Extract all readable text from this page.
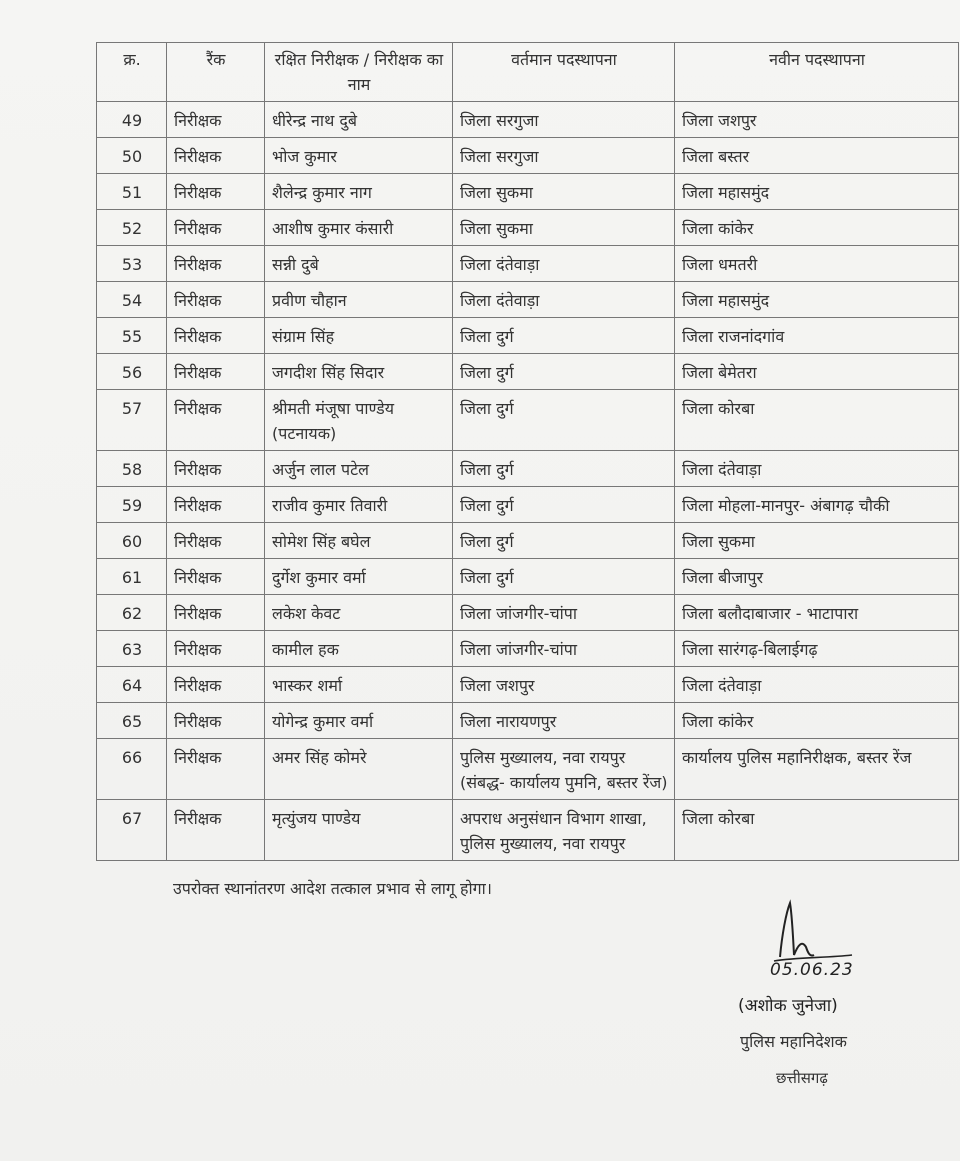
क्र.	रैंक	रक्षित निरीक्षक / निरीक्षक का नाम	वर्तमान पदस्थापना	नवीन पदस्थापना
49	निरीक्षक	धीरेन्द्र नाथ दुबे	जिला सरगुजा	जिला जशपुर
50	निरीक्षक	भोज कुमार	जिला सरगुजा	जिला बस्तर
51	निरीक्षक	शैलेन्द्र कुमार नाग	जिला सुकमा	जिला महासमुंद
52	निरीक्षक	आशीष कुमार कंसारी	जिला सुकमा	जिला कांकेर
53	निरीक्षक	सन्नी दुबे	जिला दंतेवाड़ा	जिला धमतरी
54	निरीक्षक	प्रवीण चौहान	जिला दंतेवाड़ा	जिला महासमुंद
55	निरीक्षक	संग्राम सिंह	जिला दुर्ग	जिला राजनांदगांव
56	निरीक्षक	जगदीश सिंह सिदार	जिला दुर्ग	जिला बेमेतरा
57	निरीक्षक	श्रीमती मंजूषा पाण्डेय (पटनायक)	जिला दुर्ग	जिला कोरबा
58	निरीक्षक	अर्जुन लाल पटेल	जिला दुर्ग	जिला दंतेवाड़ा
59	निरीक्षक	राजीव कुमार तिवारी	जिला दुर्ग	जिला मोहला-मानपुर- अंबागढ़ चौकी
60	निरीक्षक	सोमेश सिंह बघेल	जिला दुर्ग	जिला सुकमा
61	निरीक्षक	दुर्गेश कुमार वर्मा	जिला दुर्ग	जिला बीजापुर
62	निरीक्षक	लकेश केवट	जिला जांजगीर-चांपा	जिला बलौदाबाजार - भाटापारा
63	निरीक्षक	कामील हक	जिला जांजगीर-चांपा	जिला सारंगढ़-बिलाईगढ़
64	निरीक्षक	भास्कर शर्मा	जिला जशपुर	जिला दंतेवाड़ा
65	निरीक्षक	योगेन्द्र कुमार वर्मा	जिला नारायणपुर	जिला कांकेर
66	निरीक्षक	अमर सिंह कोमरे	पुलिस मुख्यालय, नवा रायपुर (संबद्ध- कार्यालय पुमनि, बस्तर रेंज)	कार्यालय पुलिस महानिरीक्षक, बस्तर रेंज
67	निरीक्षक	मृत्युंजय पाण्डेय	अपराध अनुसंधान विभाग शाखा, पुलिस मुख्यालय, नवा रायपुर	जिला कोरबा
उपरोक्त स्थानांतरण आदेश तत्काल प्रभाव से लागू होगा।
05.06.23
(अशोक जुनेजा)
पुलिस महानिदेशक
छत्तीसगढ़
